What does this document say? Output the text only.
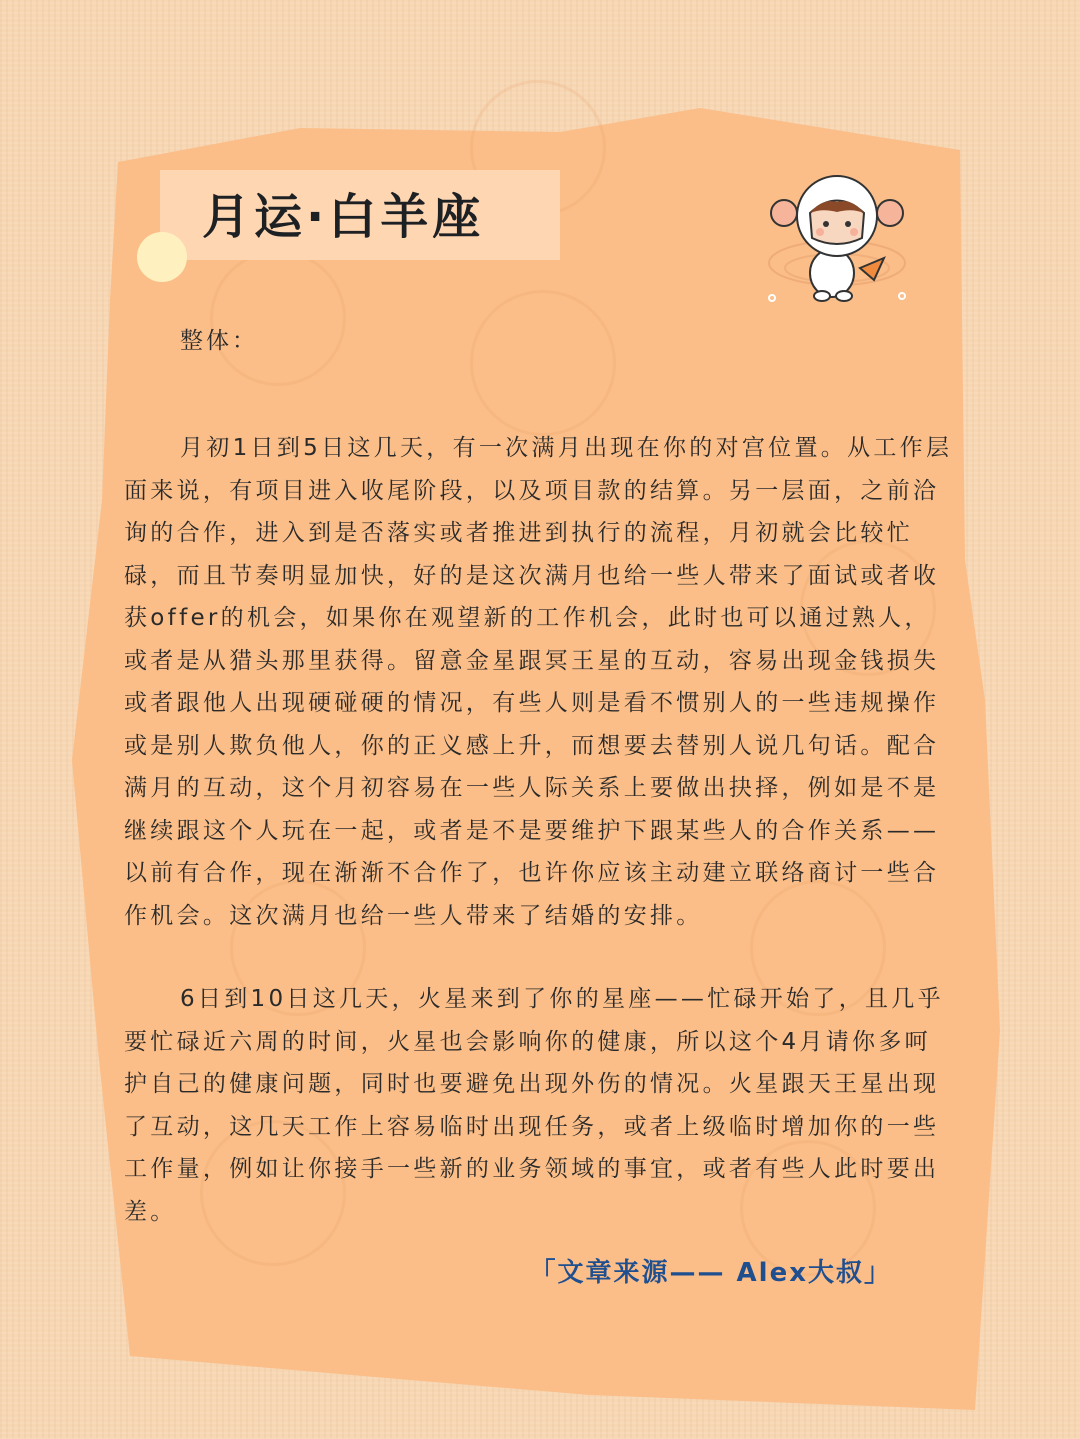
月运·白羊座
整体：

月初1日到5日这几天，有一次满月出现在你的对宫位置。从工作层面来说，有项目进入收尾阶段，以及项目款的结算。另一层面，之前洽询的合作，进入到是否落实或者推进到执行的流程，月初就会比较忙碌，而且节奏明显加快，好的是这次满月也给一些人带来了面试或者收获offer的机会，如果你在观望新的工作机会，此时也可以通过熟人，或者是从猎头那里获得。留意金星跟冥王星的互动，容易出现金钱损失或者跟他人出现硬碰硬的情况，有些人则是看不惯别人的一些违规操作或是别人欺负他人，你的正义感上升，而想要去替别人说几句话。配合满月的互动，这个月初容易在一些人际关系上要做出抉择，例如是不是继续跟这个人玩在一起，或者是不是要维护下跟某些人的合作关系——以前有合作，现在渐渐不合作了，也许你应该主动建立联络商讨一些合作机会。这次满月也给一些人带来了结婚的安排。

6日到10日这几天，火星来到了你的星座——忙碌开始了，且几乎要忙碌近六周的时间，火星也会影响你的健康，所以这个4月请你多呵护自己的健康问题，同时也要避免出现外伤的情况。火星跟天王星出现了互动，这几天工作上容易临时出现任务，或者上级临时增加你的一些工作量，例如让你接手一些新的业务领域的事宜，或者有些人此时要出差。

「文章来源—— Alex大叔」
